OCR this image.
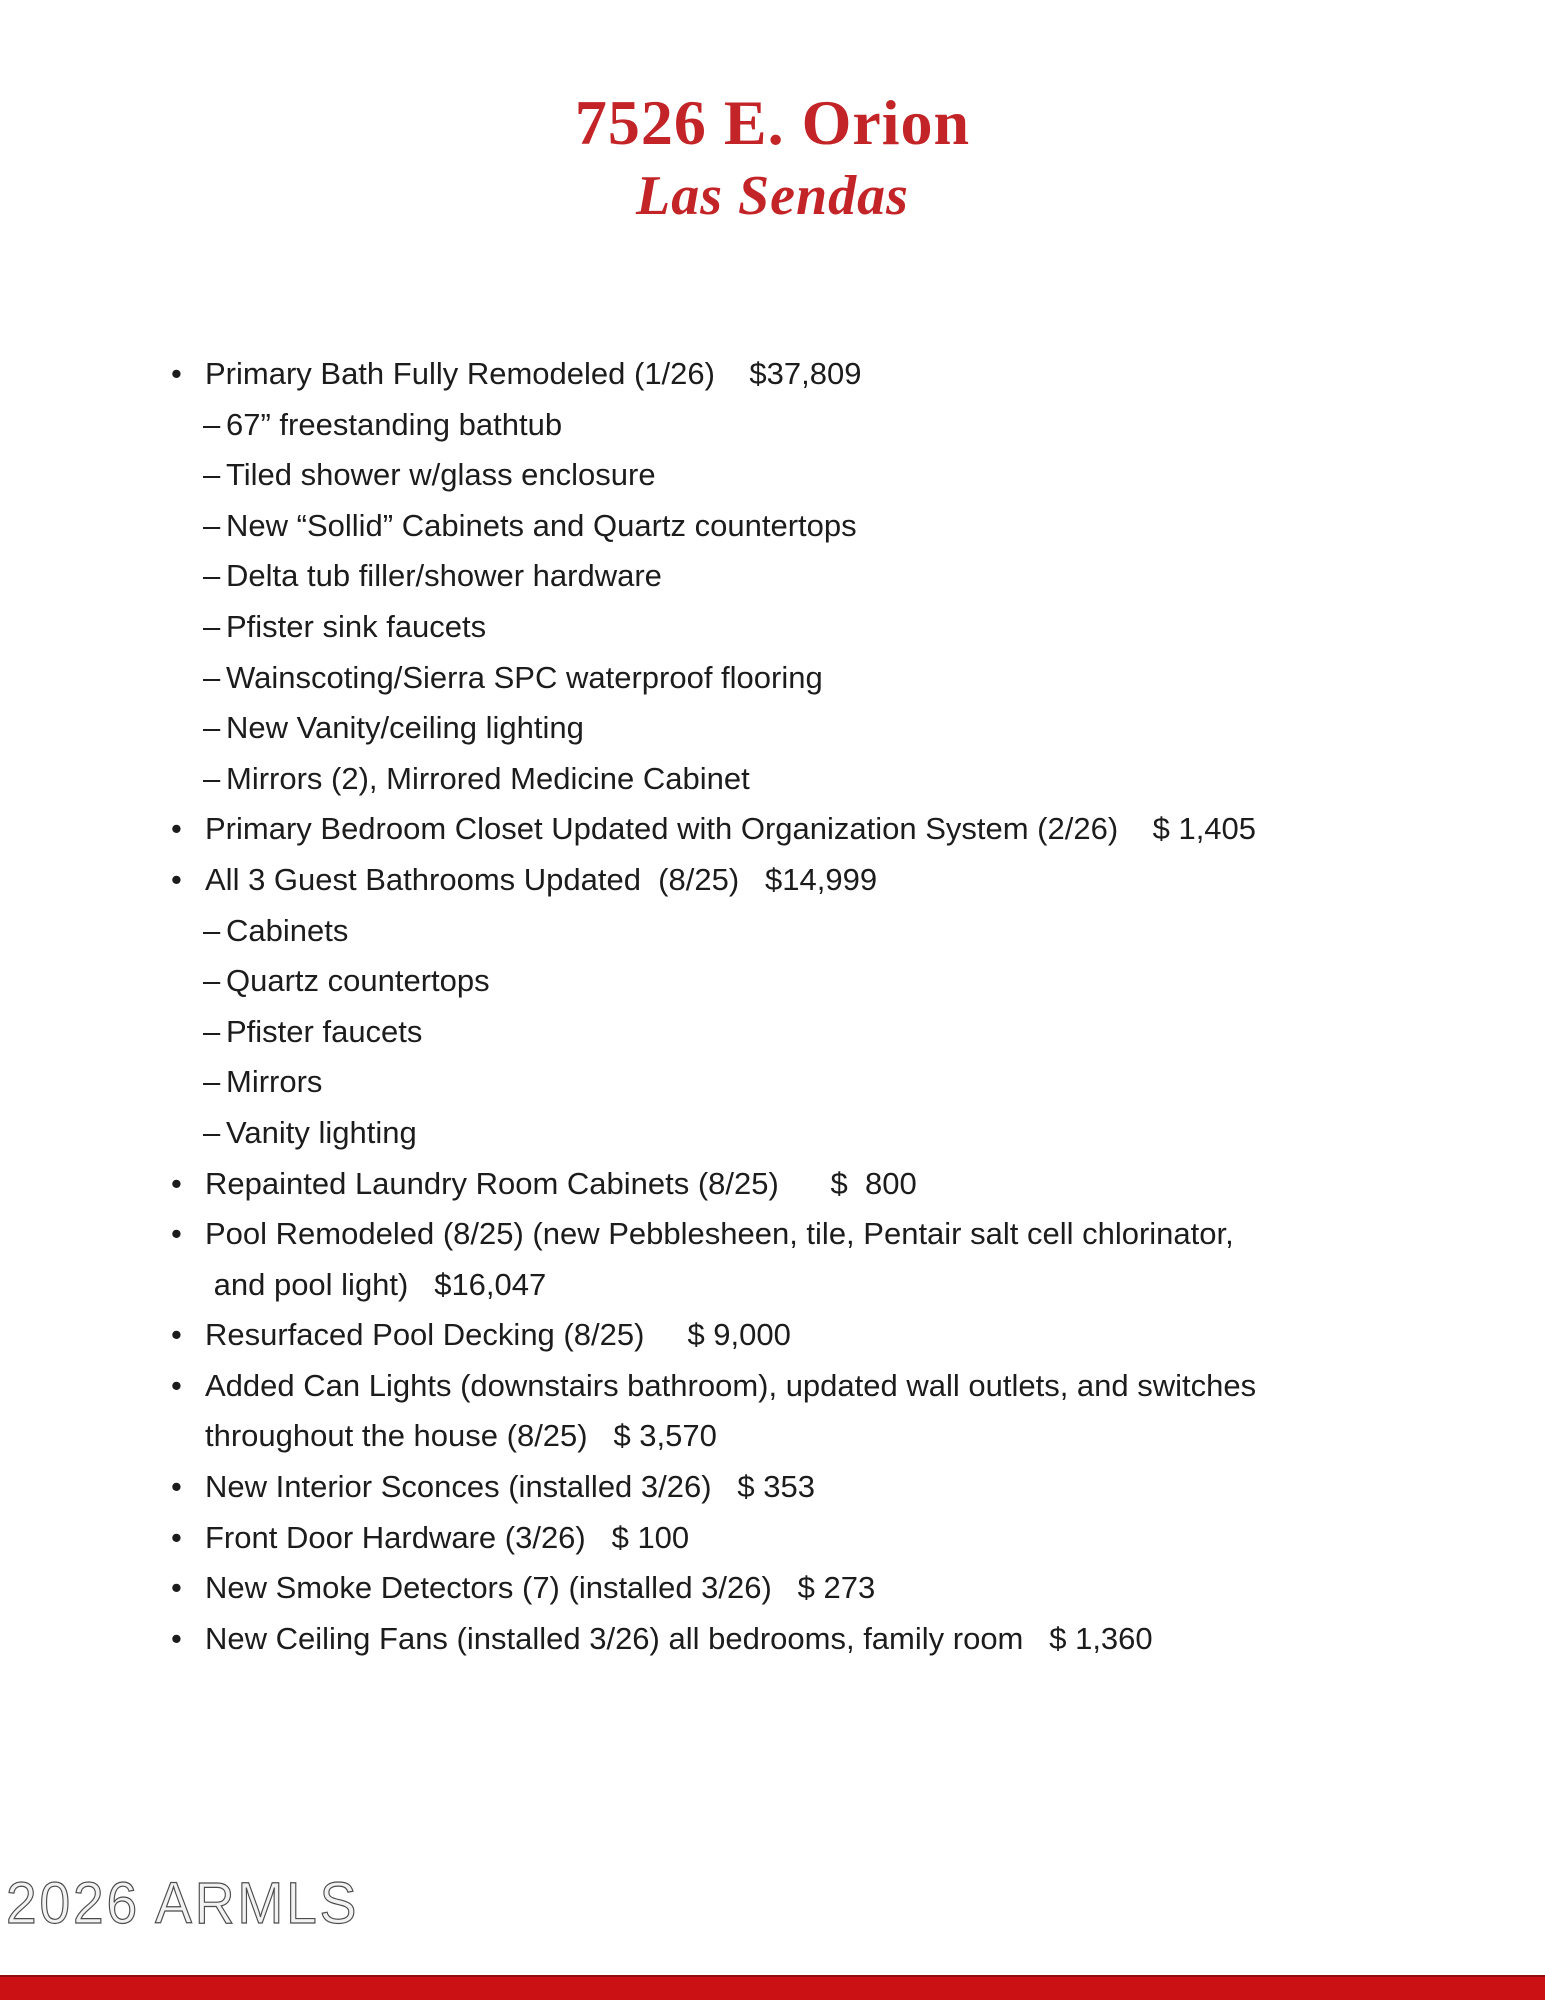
7526 E. Orion
Las Sendas
• Primary Bath Fully Remodeled (1/26)    $37,809
– 67” freestanding bathtub
– Tiled shower w/glass enclosure
– New “Sollid” Cabinets and Quartz countertops
– Delta tub filler/shower hardware
– Pfister sink faucets
– Wainscoting/Sierra SPC waterproof flooring
– New Vanity/ceiling lighting
– Mirrors (2), Mirrored Medicine Cabinet
• Primary Bedroom Closet Updated with Organization System (2/26)    $ 1,405
• All 3 Guest Bathrooms Updated  (8/25)   $14,999
– Cabinets
– Quartz countertops
– Pfister faucets
– Mirrors
– Vanity lighting
• Repainted Laundry Room Cabinets (8/25)      $  800
• Pool Remodeled (8/25) (new Pebblesheen, tile, Pentair salt cell chlorinator,
and pool light)   $16,047
• Resurfaced Pool Decking (8/25)     $ 9,000
• Added Can Lights (downstairs bathroom), updated wall outlets, and switches
throughout the house (8/25)   $ 3,570
• New Interior Sconces (installed 3/26)   $ 353
• Front Door Hardware (3/26)   $ 100
• New Smoke Detectors (7) (installed 3/26)   $ 273
• New Ceiling Fans (installed 3/26) all bedrooms, family room   $ 1,360
2026 ARMLS
